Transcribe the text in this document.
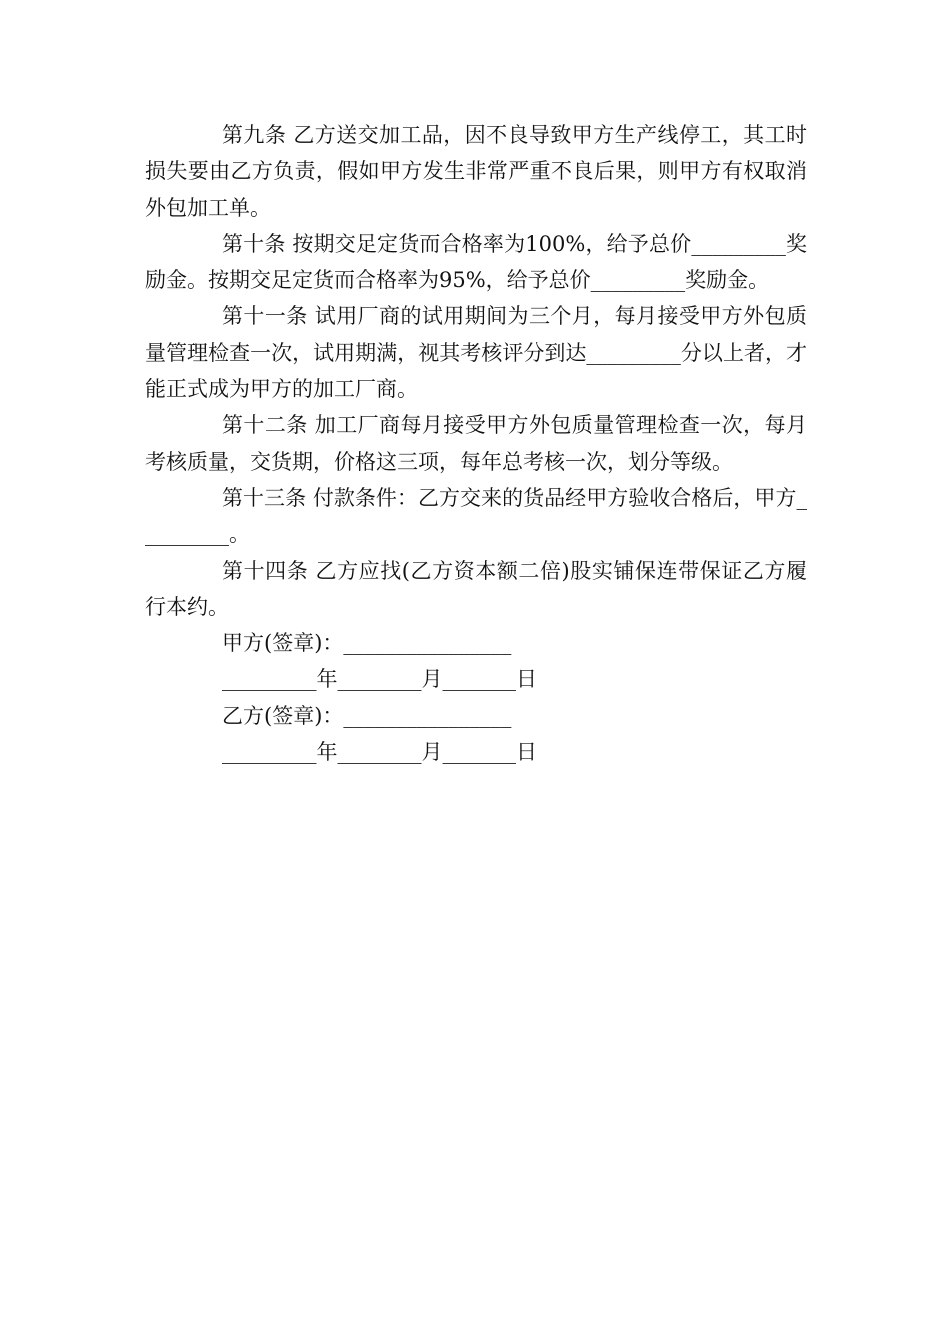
第九条 乙方送交加工品，因不良导致甲方生产线停工，其工时损失要由乙方负责，假如甲方发生非常严重不良后果，则甲方有权取消外包加工单。

第十条 按期交足定货而合格率为100%，给予总价_________奖励金。按期交足定货而合格率为95%，给予总价_________奖励金。

第十一条 试用厂商的试用期间为三个月，每月接受甲方外包质量管理检查一次，试用期满，视其考核评分到达_________分以上者，才能正式成为甲方的加工厂商。

第十二条 加工厂商每月接受甲方外包质量管理检查一次，每月考核质量，交货期，价格这三项，每年总考核一次，划分等级。

第十三条 付款条件：乙方交来的货品经甲方验收合格后，甲方_________。

第十四条 乙方应找(乙方资本额二倍)股实铺保连带保证乙方履行本约。

甲方(签章)：________________

_________年________月_______日

乙方(签章)：________________

_________年________月_______日
